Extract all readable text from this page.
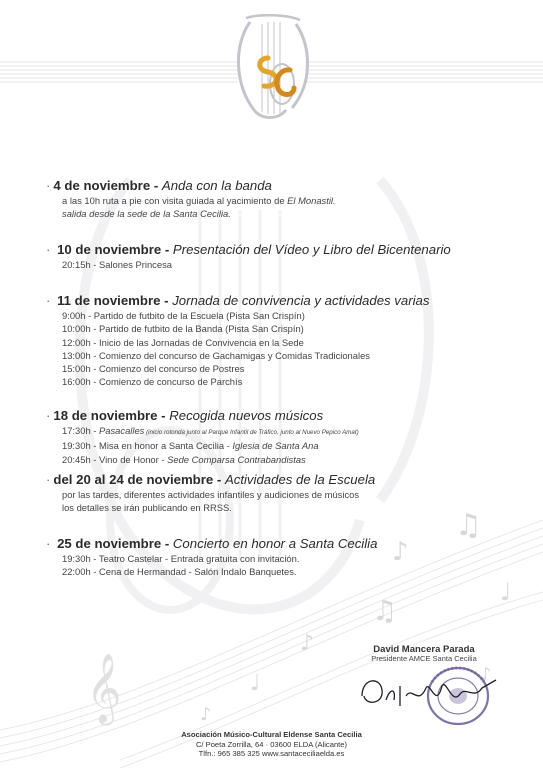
𝄞
♪
♫
♩
♫
♪
♩	♪
♪
· 4 de noviembre - Anda con la banda
a las 10h ruta a pie con visita guiada al yacimiento de El Monastil.
salida desde la sede de la Santa Cecilia.
· 10 de noviembre - Presentación del Vídeo y Libro del Bicentenario
20:15h - Salones Princesa
· 11 de noviembre - Jornada de convivencia y actividades varias
9:00h - Partido de futbito de la Escuela (Pista San Crispín)
10:00h - Partido de futbito de la Banda (Pista San Crispín)
12:00h - Inicio de las Jornadas de Convivencia en la Sede
13:00h - Comienzo del concurso de Gachamigas y Comidas Tradicionales
15:00h - Comienzo del concurso de Postres
16:00h - Comienzo de concurso de Parchís
· 18 de noviembre - Recogida nuevos músicos
17:30h - Pasacalles (inicio rotonda junto al Parque Infantil de Tráfico, junto al Nuevo Pepico Amat)
19:30h - Misa en honor a Santa Cecilia - Iglesia de Santa Ana
20:45h - Vino de Honor - Sede Comparsa Contrabandistas
· del 20 al 24 de noviembre - Actividades de la Escuela
por las tardes, diferentes actividades infantiles y audiciones de músicos
los detalles se irán publicando en RRSS.
· 25 de noviembre - Concierto en honor a Santa Cecilia
19:30h - Teatro Castelar - Entrada gratuita con invitación.
22:00h - Cena de Hermandad - Salón Indalo Banquetes.
David Mancera Parada
Presidente AMCE Santa Cecilia
Asociación Músico-Cultural Eldense Santa Cecilia
C/ Poeta Zorrilla, 64 · 03600 ELDA (Alicante)
Tlfn.: 965 385 325 www.santaceciliaelda.es
